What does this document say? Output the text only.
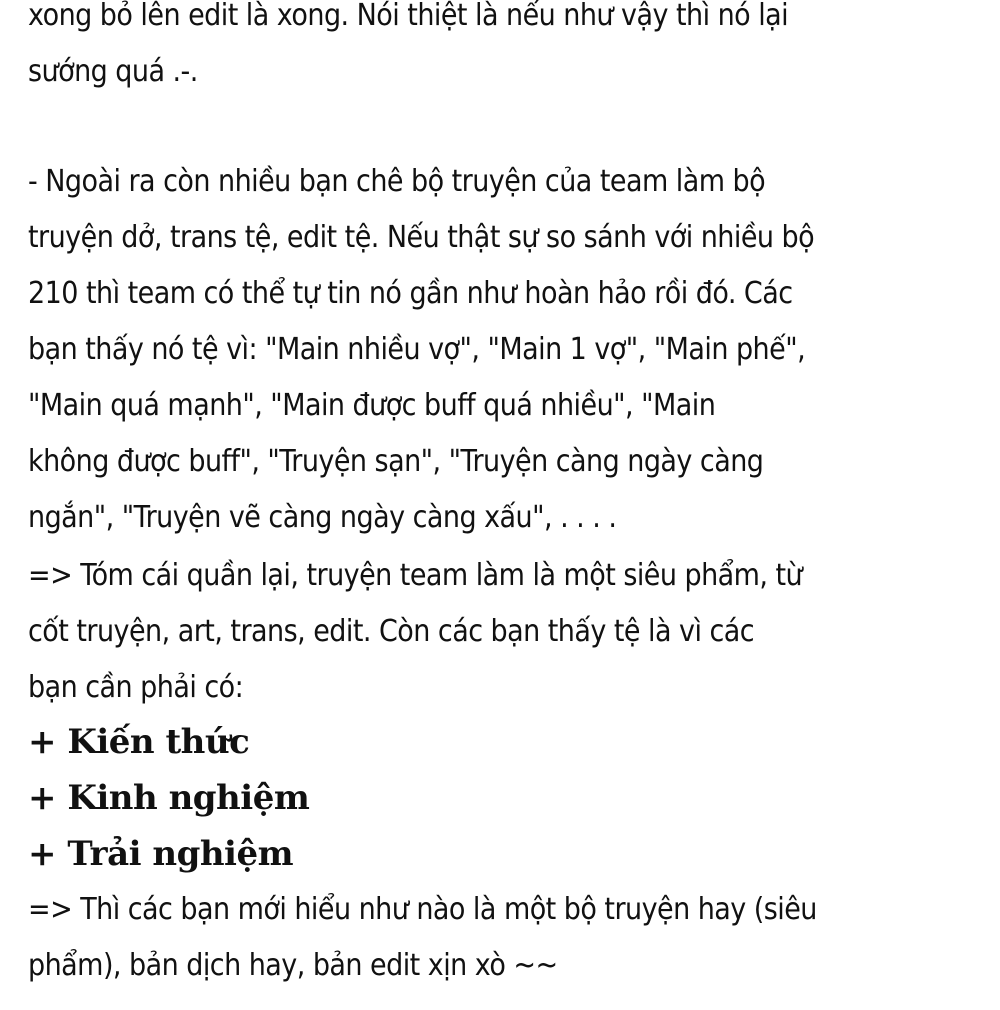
xong bỏ lên edit là xong. Nói thiệt là nếu như vậy thì nó lại
sướng quá .-.
- Ngoài ra còn nhiều bạn chê bộ truyện của team làm bộ
truyện dở, trans tệ, edit tệ. Nếu thật sự so sánh với nhiều bộ
210 thì team có thể tự tin nó gần như hoàn hảo rồi đó. Các
bạn thấy nó tệ vì: "Main nhiều vợ", "Main 1 vợ", "Main phế",
"Main quá mạnh", "Main được buff quá nhiều", "Main
không được buff", "Truyện sạn", "Truyện càng ngày càng
ngắn", "Truyện vẽ càng ngày càng xấu", . . . .
=> Tóm cái quần lại, truyện team làm là một siêu phẩm, từ
cốt truyện, art, trans, edit. Còn các bạn thấy tệ là vì các
bạn cần phải có:
+ Kiến thức
+ Kinh nghiệm
+ Trải nghiệm
=> Thì các bạn mới hiểu như nào là một bộ truyện hay (siêu
phẩm), bản dịch hay, bản edit xịn xò ~~
